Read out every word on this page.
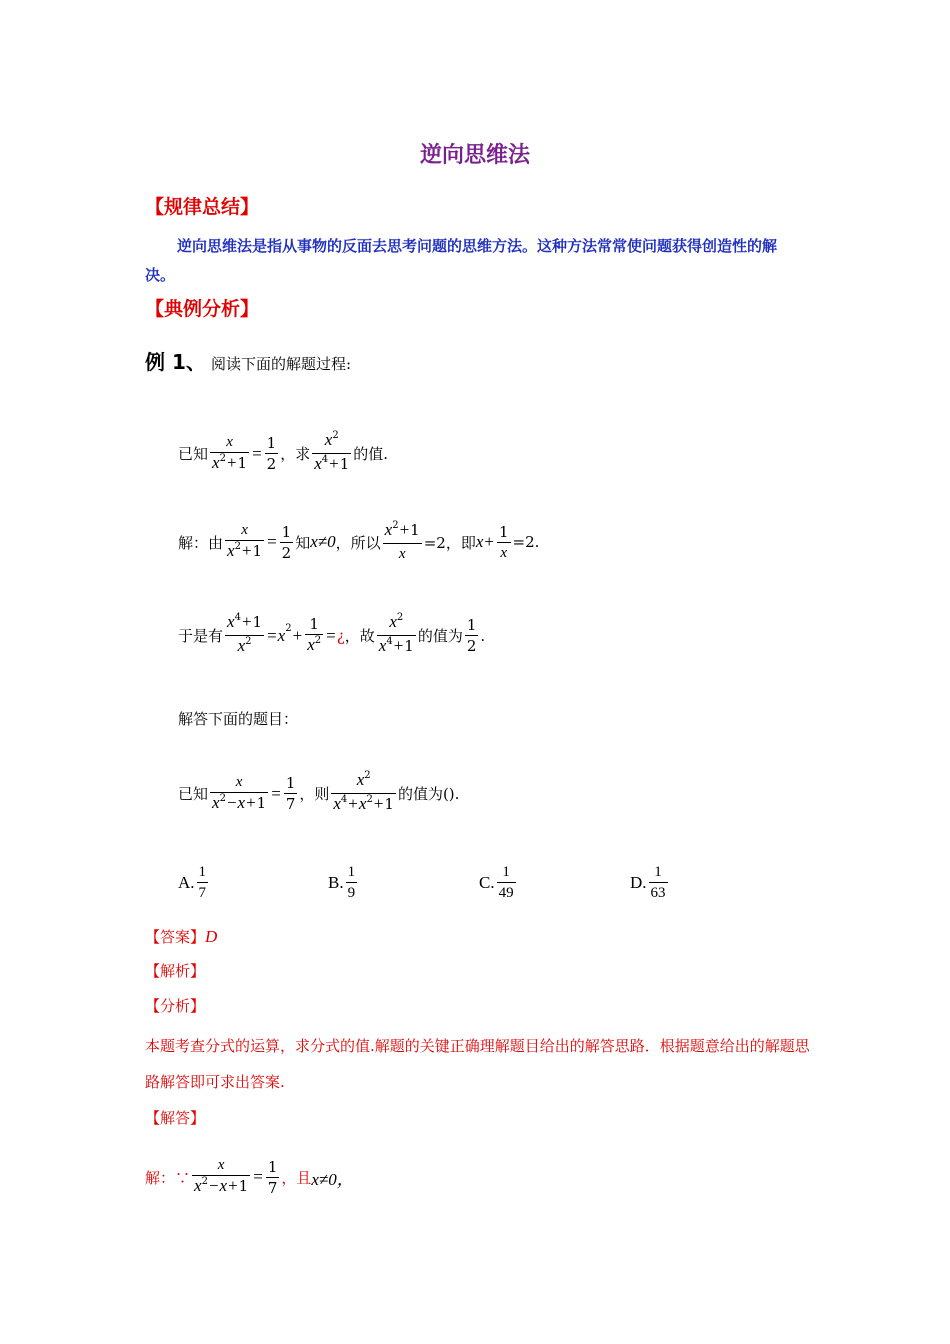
逆向思维法
【规律总结】
逆向思维法是指从事物的反面去思考问题的思维方法。这种方法常常使问题获得创造性的解决。
【典例分析】
例 1、 阅读下面的解题过程:
已知 $\frac{x}{x^2+1} = \frac{1}{2}$ ，求 $\frac{x^2}{x^4+1}$ 的值.
解：由 $\frac{x}{x^2+1} = \frac{1}{2}$ 知 x≠0 ，所以 $\frac{x^2+1}{x} =2$，即 $x + \frac{1}{x} =2$.
于是有 $\frac{x^4+1}{x^2} = x$ $2 + \frac{1}{x^2}$ = ¿ ，故 $\frac{x^2}{x^4+1}$ 的值为 $\frac{1}{2}$ .
解答下面的题目：
已知 $\frac{x}{x^2-x+1} = \frac{1}{7}$ ，则 $\frac{x^2}{x^4+x^2+1}$ 的值为().
A. $\frac{1}{7}$	B. $\frac{1}{9}$	C. $\frac{1}{49}$	D. $\frac{1}{63}$
【答案】D
【解析】
【分析】
本题考查分式的运算，求分式的值.解题的关键正确理解题目给出的解答思路．根据题意给出的解题思路解答即可求出答案.
【解答】
解：∵ $\frac{x}{x^2-x+1} = \frac{1}{7}$ ，且 x≠0，
